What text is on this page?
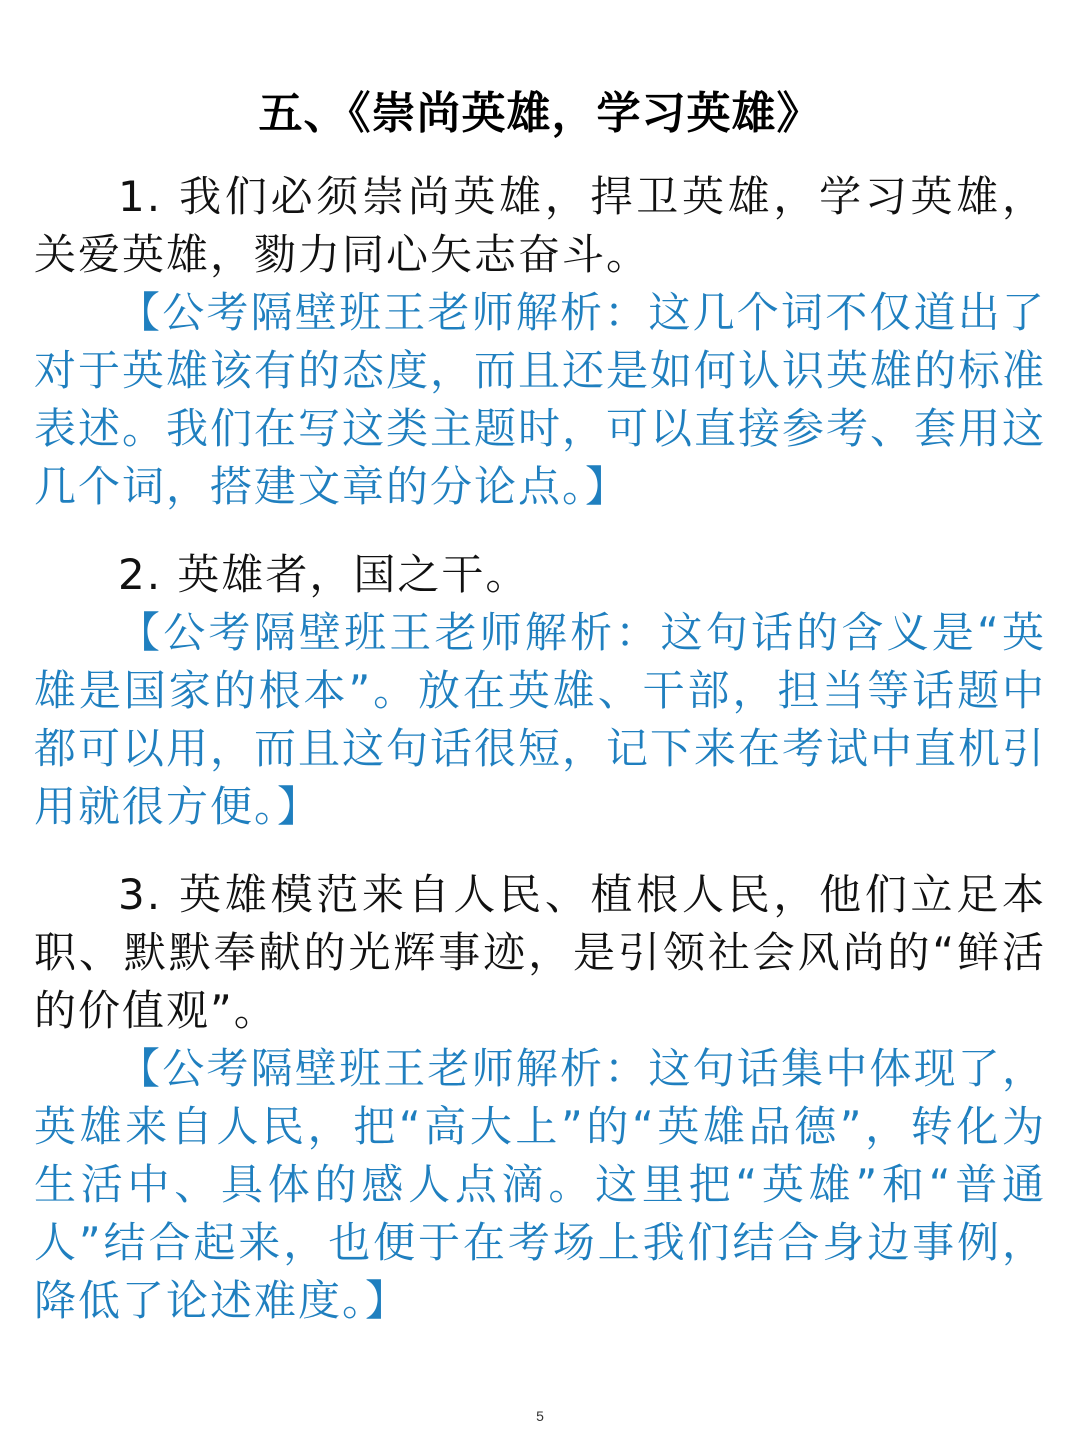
五、《崇尚英雄，学习英雄》

1. 我们必须崇尚英雄，捍卫英雄，学习英雄，关爱英雄，勠力同心矢志奋斗。

【公考隔壁班王老师解析：这几个词不仅道出了对于英雄该有的态度，而且还是如何认识英雄的标准表述。我们在写这类主题时，可以直接参考、套用这几个词，搭建文章的分论点。】

2. 英雄者，国之干。

【公考隔壁班王老师解析：这句话的含义是“英雄是国家的根本”。放在英雄、干部，担当等话题中都可以用，而且这句话很短，记下来在考试中直机引用就很方便。】

3. 英雄模范来自人民、植根人民，他们立足本职、默默奉献的光辉事迹，是引领社会风尚的“鲜活的价值观”。

【公考隔壁班王老师解析：这句话集中体现了，英雄来自人民，把“高大上”的“英雄品德”，转化为生活中、具体的感人点滴。这里把“英雄”和“普通人”结合起来，也便于在考场上我们结合身边事例，降低了论述难度。】

5
